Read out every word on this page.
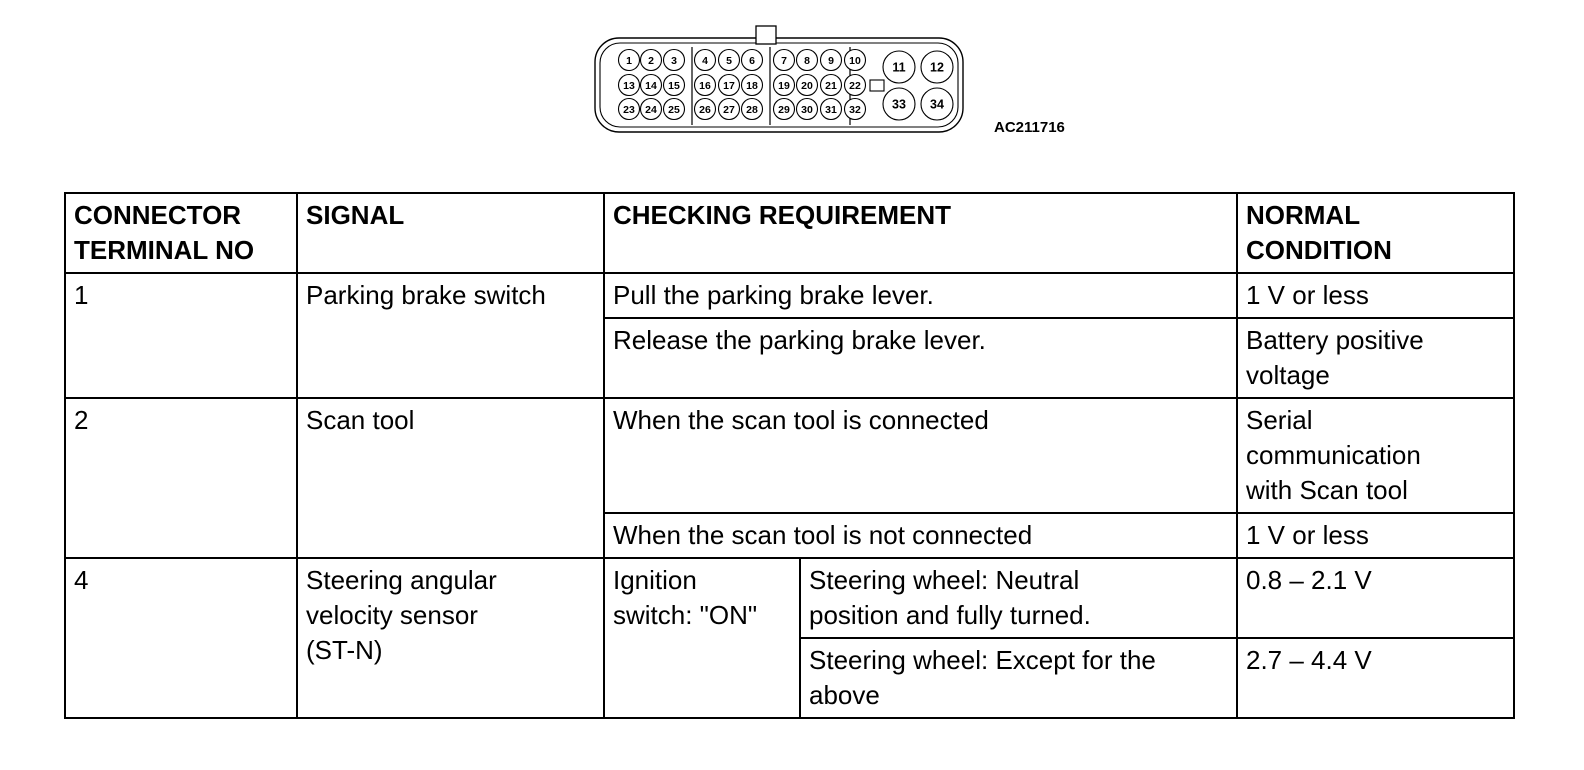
1 2 3 4 5 6 7 8 9 10
13 14 15 16 17 18 19 20 21 22
23 24 25 26 27 28 29 30 31 32
11 12
33 34
AC211716
CONNECTOR
TERMINAL NO	SIGNAL	CHECKING REQUIREMENT		NORMAL
CONDITION
1	Parking brake switch	Pull the parking brake lever.		1 V or less
		Release the parking brake lever.		Battery positive
voltage
2	Scan tool	When the scan tool is connected		Serial
communication
with Scan tool
		When the scan tool is not connected		1 V or less
4	Steering angular
velocity sensor
(ST-N)	Ignition
switch: "ON"	Steering wheel: Neutral
position and fully turned.	0.8 – 2.1 V
			Steering wheel: Except for the
above	2.7 – 4.4 V
